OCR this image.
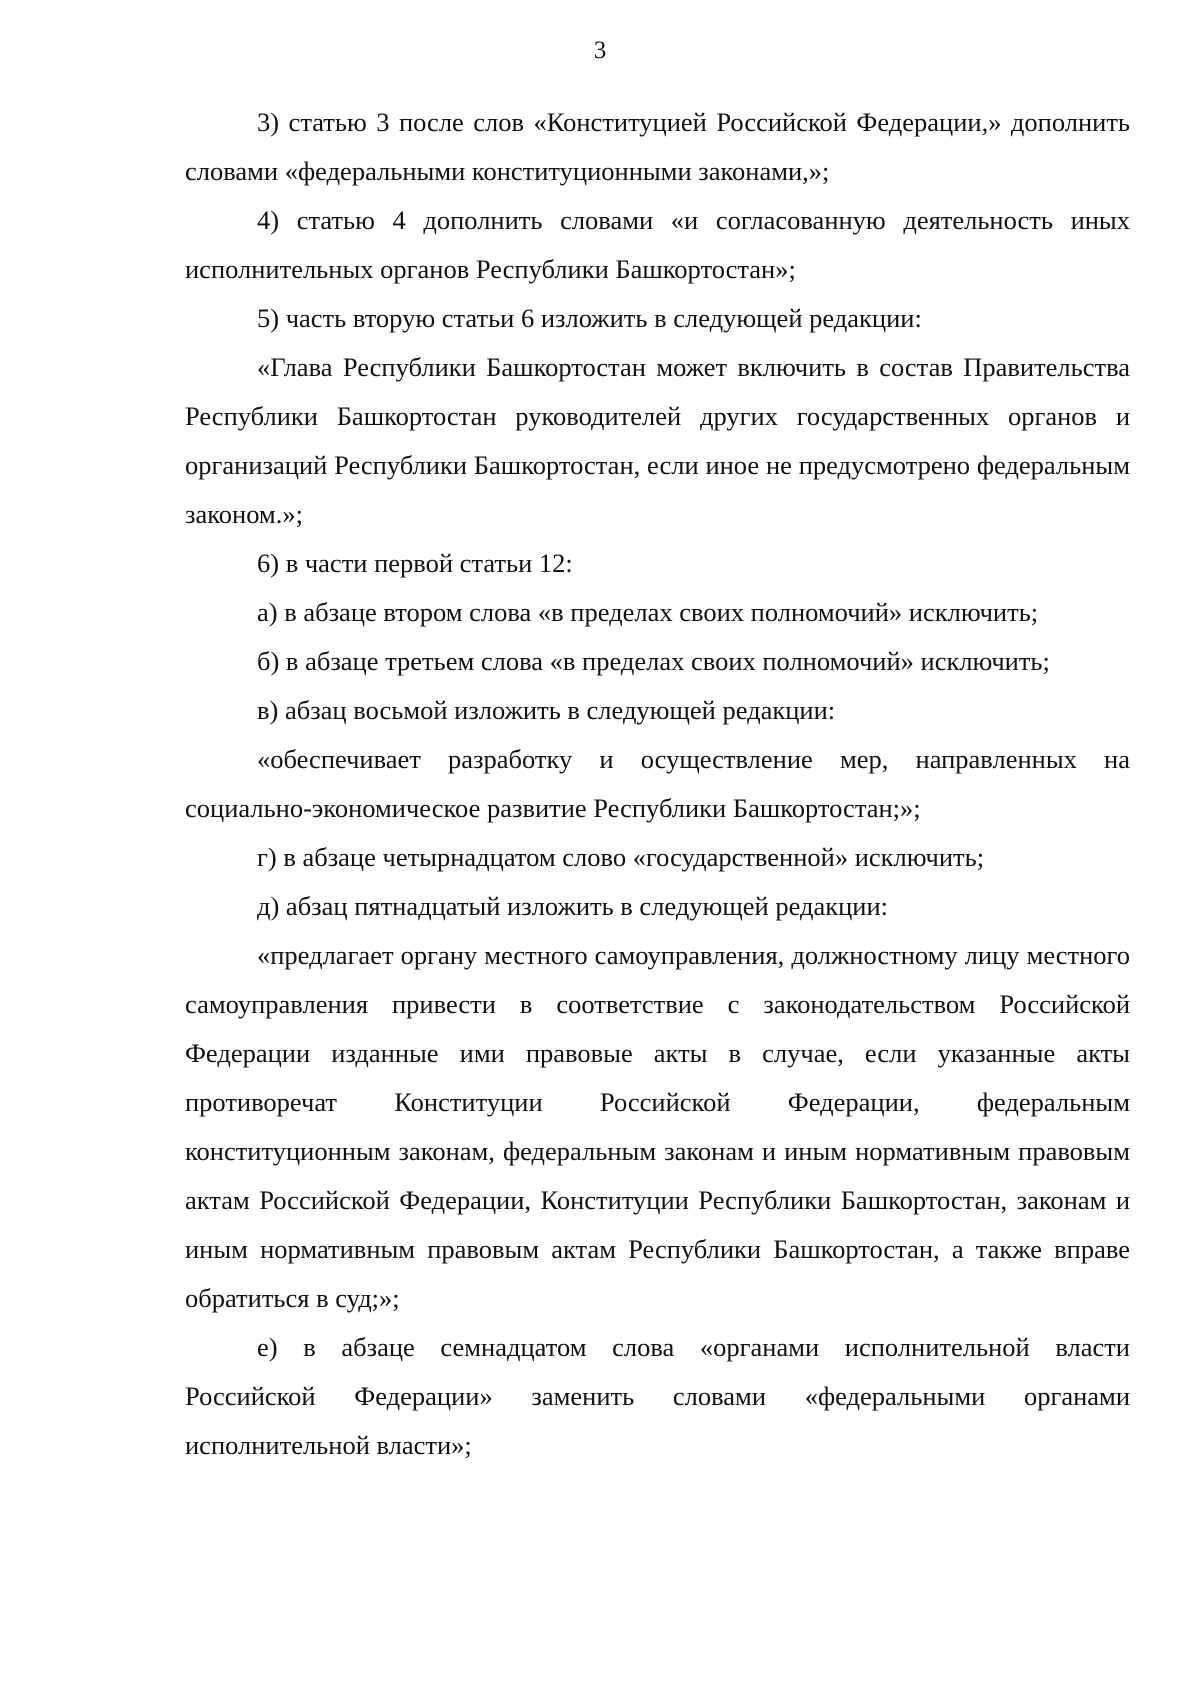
3

3) статью 3 после слов «Конституцией Российской Федерации,» дополнить словами «федеральными конституционными законами,»;

4) статью 4 дополнить словами «и согласованную деятельность иных исполнительных органов Республики Башкортостан»;

5) часть вторую статьи 6 изложить в следующей редакции:

«Глава Республики Башкортостан может включить в состав Правительства Республики Башкортостан руководителей других государственных органов и организаций Республики Башкортостан, если иное не предусмотрено федеральным законом.»;

6) в части первой статьи 12:

а) в абзаце втором слова «в пределах своих полномочий» исключить;

б) в абзаце третьем слова «в пределах своих полномочий» исключить;

в) абзац восьмой изложить в следующей редакции:

«обеспечивает разработку и осуществление мер, направленных на социально-экономическое развитие Республики Башкортостан;»;

г) в абзаце четырнадцатом слово «государственной» исключить;

д) абзац пятнадцатый изложить в следующей редакции:

«предлагает органу местного самоуправления, должностному лицу местного самоуправления привести в соответствие с законодательством Российской Федерации изданные ими правовые акты в случае, если указанные акты противоречат Конституции Российской Федерации, федеральным конституционным законам, федеральным законам и иным нормативным правовым актам Российской Федерации, Конституции Республики Башкортостан, законам и иным нормативным правовым актам Республики Башкортостан, а также вправе обратиться в суд;»;

е) в абзаце семнадцатом слова «органами исполнительной власти Российской Федерации» заменить словами «федеральными органами исполнительной власти»;
